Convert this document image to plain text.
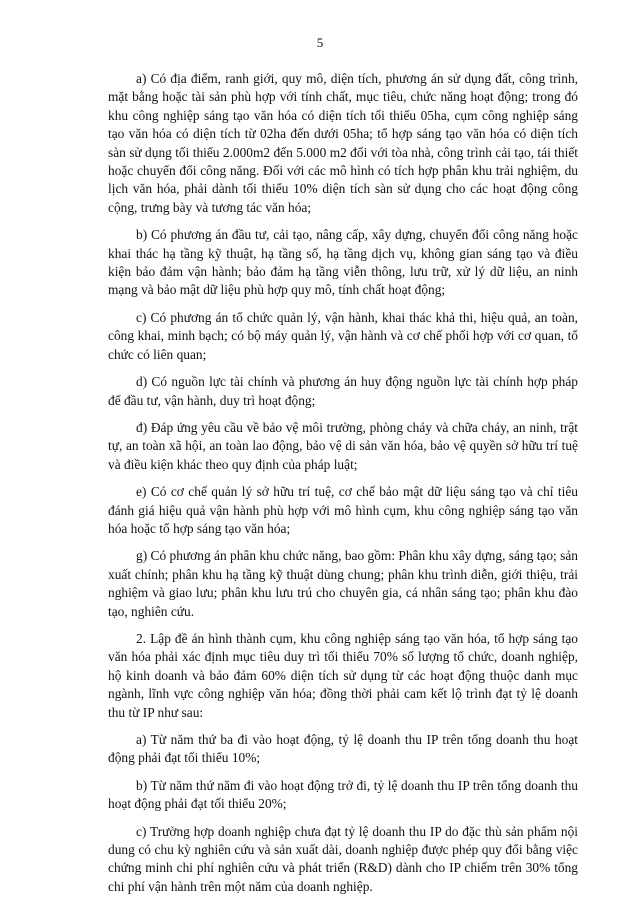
5

a) Có địa điểm, ranh giới, quy mô, diện tích, phương án sử dụng đất, công trình, mặt bằng hoặc tài sản phù hợp với tính chất, mục tiêu, chức năng hoạt động; trong đó khu công nghiệp sáng tạo văn hóa có diện tích tối thiểu 05ha, cụm công nghiệp sáng tạo văn hóa có diện tích từ 02ha đến dưới 05ha; tổ hợp sáng tạo văn hóa có diện tích sàn sử dụng tối thiểu 2.000m2 đến 5.000 m2 đối với tòa nhà, công trình cải tạo, tái thiết hoặc chuyển đổi công năng. Đối với các mô hình có tích hợp phân khu trải nghiệm, du lịch văn hóa, phải dành tối thiểu 10% diện tích sàn sử dụng cho các hoạt động công cộng, trưng bày và tương tác văn hóa;

b) Có phương án đầu tư, cải tạo, nâng cấp, xây dựng, chuyển đổi công năng hoặc khai thác hạ tầng kỹ thuật, hạ tầng số, hạ tầng dịch vụ, không gian sáng tạo và điều kiện bảo đảm vận hành; bảo đảm hạ tầng viễn thông, lưu trữ, xử lý dữ liệu, an ninh mạng và bảo mật dữ liệu phù hợp quy mô, tính chất hoạt động;

c) Có phương án tổ chức quản lý, vận hành, khai thác khả thi, hiệu quả, an toàn, công khai, minh bạch; có bộ máy quản lý, vận hành và cơ chế phối hợp với cơ quan, tổ chức có liên quan;

d) Có nguồn lực tài chính và phương án huy động nguồn lực tài chính hợp pháp để đầu tư, vận hành, duy trì hoạt động;

đ) Đáp ứng yêu cầu về bảo vệ môi trường, phòng cháy và chữa cháy, an ninh, trật tự, an toàn xã hội, an toàn lao động, bảo vệ di sản văn hóa, bảo vệ quyền sở hữu trí tuệ và điều kiện khác theo quy định của pháp luật;

e) Có cơ chế quản lý sở hữu trí tuệ, cơ chế bảo mật dữ liệu sáng tạo và chỉ tiêu đánh giá hiệu quả vận hành phù hợp với mô hình cụm, khu công nghiệp sáng tạo văn hóa hoặc tổ hợp sáng tạo văn hóa;

g) Có phương án phân khu chức năng, bao gồm: Phân khu xây dựng, sáng tạo; sản xuất chính; phân khu hạ tầng kỹ thuật dùng chung; phân khu trình diễn, giới thiệu, trải nghiệm và giao lưu; phân khu lưu trú cho chuyên gia, cá nhân sáng tạo; phân khu đào tạo, nghiên cứu.

2. Lập đề án hình thành cụm, khu công nghiệp sáng tạo văn hóa, tổ hợp sáng tạo văn hóa phải xác định mục tiêu duy trì tối thiểu 70% số lượng tổ chức, doanh nghiệp, hộ kinh doanh và bảo đảm 60% diện tích sử dụng từ các hoạt động thuộc danh mục ngành, lĩnh vực công nghiệp văn hóa; đồng thời phải cam kết lộ trình đạt tỷ lệ doanh thu từ IP như sau:

a) Từ năm thứ ba đi vào hoạt động, tỷ lệ doanh thu IP trên tổng doanh thu hoạt động phải đạt tối thiểu 10%;

b) Từ năm thứ năm đi vào hoạt động trở đi, tỷ lệ doanh thu IP trên tổng doanh thu hoạt động phải đạt tối thiểu 20%;

c) Trường hợp doanh nghiệp chưa đạt tỷ lệ doanh thu IP do đặc thù sản phẩm nội dung có chu kỳ nghiên cứu và sản xuất dài, doanh nghiệp được phép quy đổi bằng việc chứng minh chi phí nghiên cứu và phát triển (R&D) dành cho IP chiếm trên 30% tổng chi phí vận hành trên một năm của doanh nghiệp.
